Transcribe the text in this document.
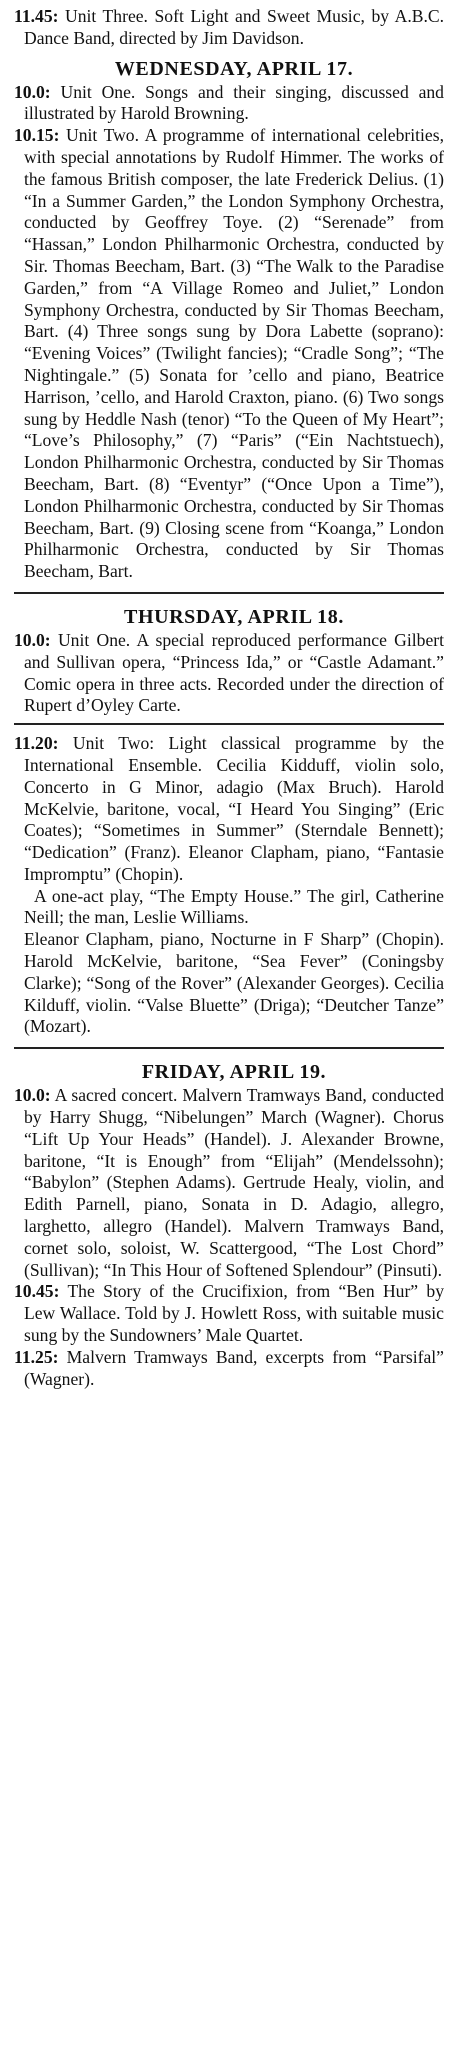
11.45: Unit Three. Soft Light and Sweet Music, by A.B.C. Dance Band, directed by Jim Davidson.

WEDNESDAY, APRIL 17.

10.0: Unit One. Songs and their singing, discussed and illustrated by Harold Browning.

10.15: Unit Two. A programme of international celebrities, with special annotations by Rudolf Himmer. The works of the famous British composer, the late Frederick Delius. (1) “In a Summer Garden,” the London Symphony Orchestra, conducted by Geoffrey Toye. (2) “Serenade” from “Hassan,” London Philharmonic Orchestra, conducted by Sir. Thomas Beecham, Bart. (3) “The Walk to the Paradise Garden,” from “A Village Romeo and Juliet,” London Symphony Orchestra, conducted by Sir Thomas Beecham, Bart. (4) Three songs sung by Dora Labette (soprano): “Evening Voices” (Twilight fancies); “Cradle Song”; “The Nightingale.” (5) Sonata for ’cello and piano, Beatrice Harrison, ’cello, and Harold Craxton, piano. (6) Two songs sung by Heddle Nash (tenor) “To the Queen of My Heart”; “Love’s Philosophy,” (7) “Paris” (“Ein Nachtstuech), London Philharmonic Orchestra, conducted by Sir Thomas Beecham, Bart. (8) “Eventyr” (“Once Upon a Time”), London Philharmonic Orchestra, conducted by Sir Thomas Beecham, Bart. (9) Closing scene from “Koanga,” London Philharmonic Orchestra, conducted by Sir Thomas Beecham, Bart.

THURSDAY, APRIL 18.

10.0: Unit One. A special reproduced performance Gilbert and Sullivan opera, “Princess Ida,” or “Castle Adamant.” Comic opera in three acts. Recorded under the direction of Rupert d’Oyley Carte.

11.20: Unit Two: Light classical programme by the International Ensemble. Cecilia Kidduff, violin solo, Concerto in G Minor, adagio (Max Bruch). Harold McKelvie, baritone, vocal, “I Heard You Singing” (Eric Coates); “Sometimes in Summer” (Sterndale Bennett); “Dedication” (Franz). Eleanor Clapham, piano, “Fantasie Impromptu” (Chopin).

A one-act play, “The Empty House.” The girl, Catherine Neill; the man, Leslie Williams.

Eleanor Clapham, piano, Nocturne in F Sharp” (Chopin). Harold McKelvie, baritone, “Sea Fever” (Coningsby Clarke); “Song of the Rover” (Alexander Georges). Cecilia Kilduff, violin. “Valse Bluette” (Driga); “Deutcher Tanze” (Mozart).

FRIDAY, APRIL 19.

10.0: A sacred concert. Malvern Tramways Band, conducted by Harry Shugg, “Nibelungen” March (Wagner). Chorus “Lift Up Your Heads” (Handel). J. Alexander Browne, baritone, “It is Enough” from “Elijah” (Mendelssohn); “Babylon” (Stephen Adams). Gertrude Healy, violin, and Edith Parnell, piano, Sonata in D. Adagio, allegro, larghetto, allegro (Handel). Malvern Tramways Band, cornet solo, soloist, W. Scattergood, “The Lost Chord” (Sullivan); “In This Hour of Softened Splendour” (Pinsuti).

10.45: The Story of the Crucifixion, from “Ben Hur” by Lew Wallace. Told by J. Howlett Ross, with suitable music sung by the Sundowners’ Male Quartet.

11.25: Malvern Tramways Band, excerpts from “Parsifal” (Wagner).
